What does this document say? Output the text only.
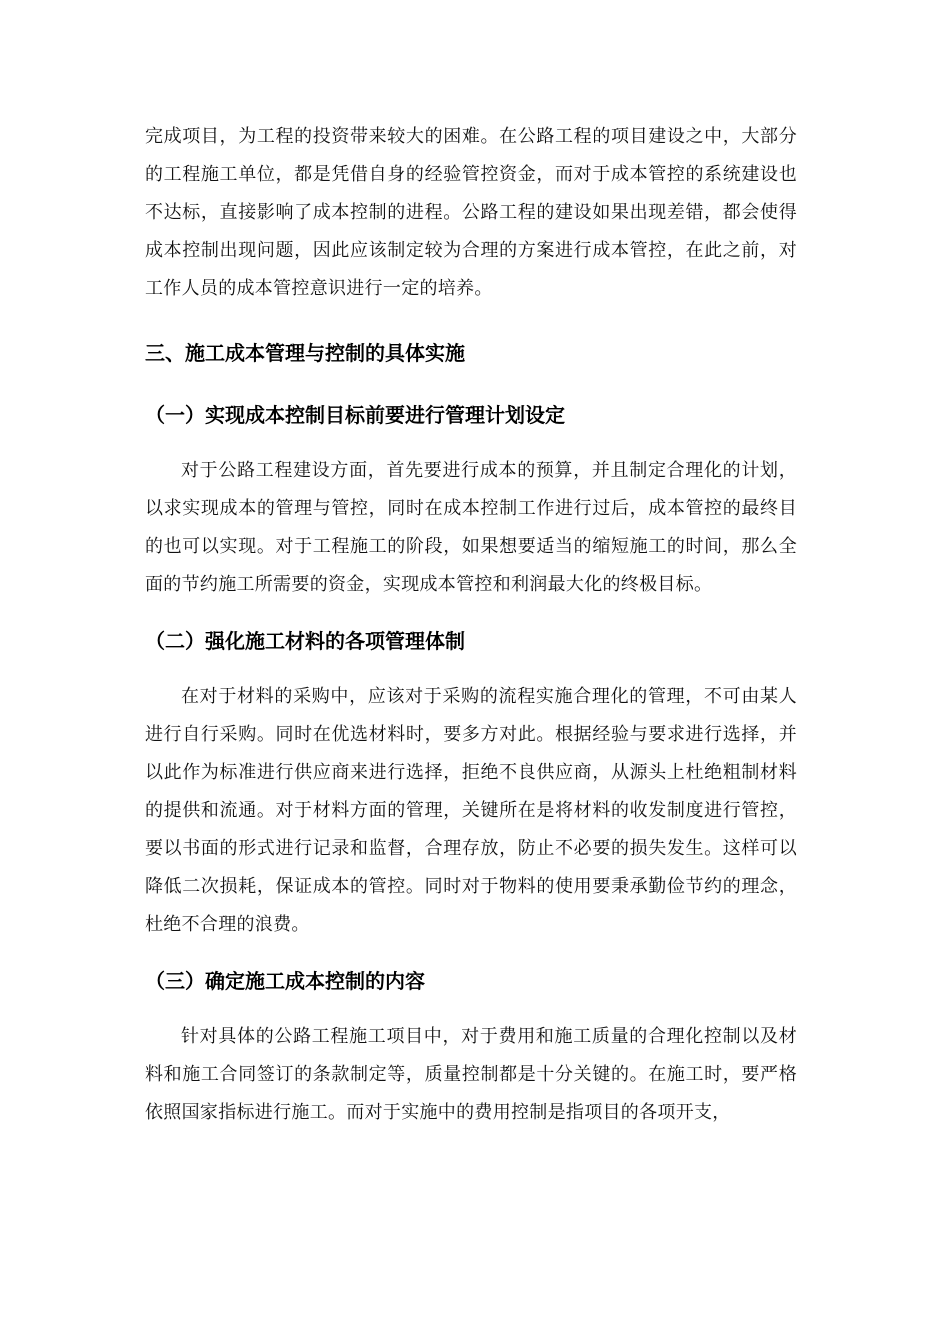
完成项目，为工程的投资带来较大的困难。在公路工程的项目建设之中，大部分的工程施工单位，都是凭借自身的经验管控资金，而对于成本管控的系统建设也不达标，直接影响了成本控制的进程。公路工程的建设如果出现差错，都会使得成本控制出现问题，因此应该制定较为合理的方案进行成本管控，在此之前，对工作人员的成本管控意识进行一定的培养。

三、施工成本管理与控制的具体实施
（一）实现成本控制目标前要进行管理计划设定

对于公路工程建设方面，首先要进行成本的预算，并且制定合理化的计划，以求实现成本的管理与管控，同时在成本控制工作进行过后，成本管控的最终目的也可以实现。对于工程施工的阶段，如果想要适当的缩短施工的时间，那么全面的节约施工所需要的资金，实现成本管控和利润最大化的终极目标。

（二）强化施工材料的各项管理体制

在对于材料的采购中，应该对于采购的流程实施合理化的管理，不可由某人进行自行采购。同时在优选材料时，要多方对此。根据经验与要求进行选择，并以此作为标准进行供应商来进行选择，拒绝不良供应商，从源头上杜绝粗制材料的提供和流通。对于材料方面的管理，关键所在是将材料的收发制度进行管控，要以书面的形式进行记录和监督，合理存放，防止不必要的损失发生。这样可以降低二次损耗，保证成本的管控。同时对于物料的使用要秉承勤俭节约的理念，杜绝不合理的浪费。

（三）确定施工成本控制的内容

针对具体的公路工程施工项目中，对于费用和施工质量的合理化控制以及材料和施工合同签订的条款制定等，质量控制都是十分关键的。在施工时，要严格依照国家指标进行施工。而对于实施中的费用控制是指项目的各项开支，
